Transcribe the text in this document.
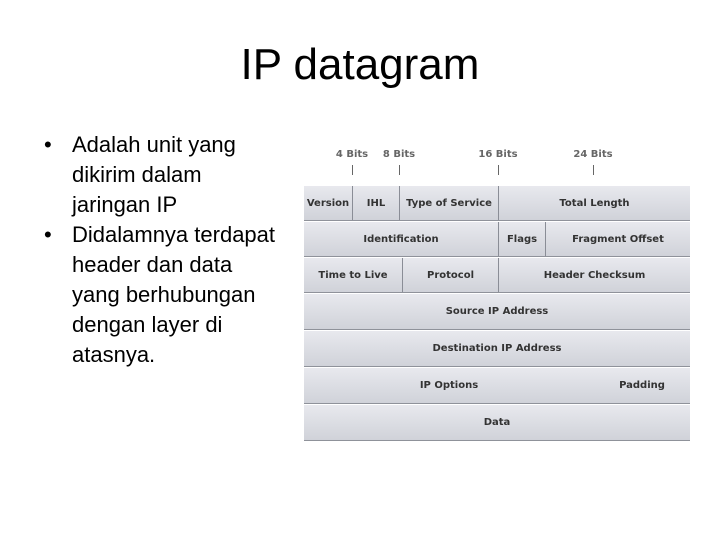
IP datagram
• Adalah unit yang dikirim dalam jaringan IP
• Didalamnya terdapat header dan data yang berhubungan dengan layer di atasnya.
4 Bits 8 Bits	16 Bits	24 Bits
Version	IHL	Type of Service	Total Length
Identification	Flags	Fragment Offset
Time to Live	Protocol	Header Checksum
Source IP Address
Destination IP Address
IP Options	Padding
Data
